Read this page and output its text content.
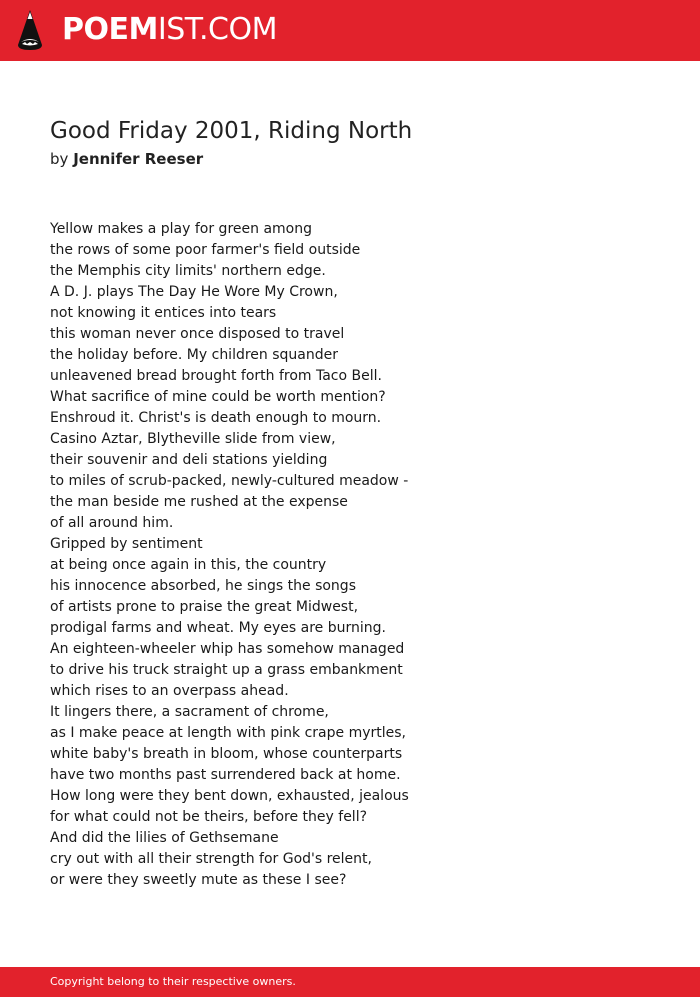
POEMIST.COM
Good Friday 2001, Riding North
by Jennifer Reeser
Yellow makes a play for green among
the rows of some poor farmer's field outside
the Memphis city limits' northern edge.
A D. J. plays The Day He Wore My Crown,
not knowing it entices into tears
this woman never once disposed to travel
the holiday before. My children squander
unleavened bread brought forth from Taco Bell.
What sacrifice of mine could be worth mention?
Enshroud it. Christ's is death enough to mourn.
Casino Aztar, Blytheville slide from view,
their souvenir and deli stations yielding
to miles of scrub-packed, newly-cultured meadow -
the man beside me rushed at the expense
of all around him.
Gripped by sentiment
at being once again in this, the country
his innocence absorbed, he sings the songs
of artists prone to praise the great Midwest,
prodigal farms and wheat. My eyes are burning.
An eighteen-wheeler whip has somehow managed
to drive his truck straight up a grass embankment
which rises to an overpass ahead.
It lingers there, a sacrament of chrome,
as I make peace at length with pink crape myrtles,
white baby's breath in bloom, whose counterparts
have two months past surrendered back at home.
How long were they bent down, exhausted, jealous
for what could not be theirs, before they fell?
And did the lilies of Gethsemane
cry out with all their strength for God's relent,
or were they sweetly mute as these I see?
Copyright belong to their respective owners.
